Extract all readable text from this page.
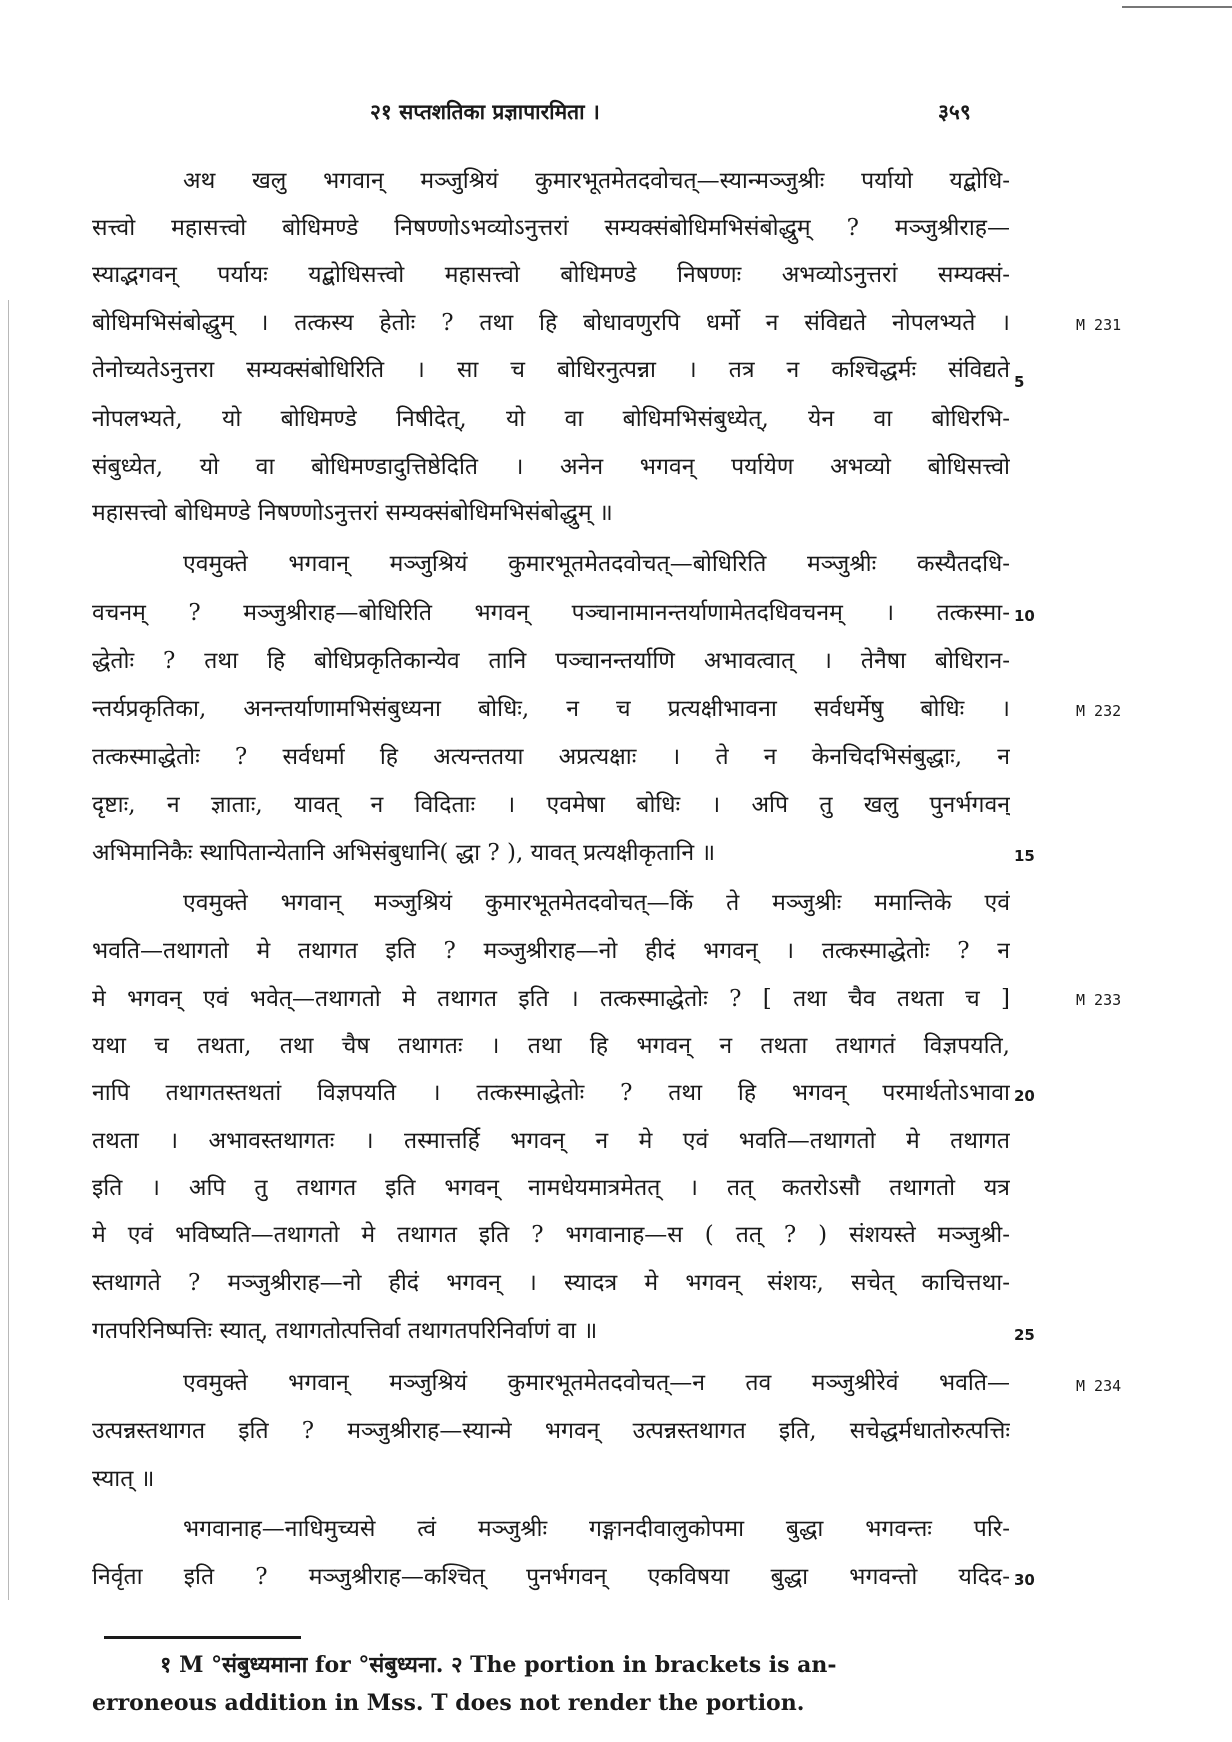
२१ सप्तशतिका प्रज्ञापारमिता ।	३५९
अथ खलु भगवान् मञ्जुश्रियं कुमारभूतमेतदवोचत्—स्यान्मञ्जुश्रीः पर्यायो यद्बोधि-
सत्त्वो महासत्त्वो बोधिमण्डे निषण्णोऽभव्योऽनुत्तरां सम्यक्संबोधिमभिसंबोद्धुम् ? मञ्जुश्रीराह—
स्याद्भगवन् पर्यायः यद्बोधिसत्त्वो महासत्त्वो बोधिमण्डे निषण्णः अभव्योऽनुत्तरां सम्यक्सं-
बोधिमभिसंबोद्धुम् । तत्कस्य हेतोः ? तथा हि बोधावणुरपि धर्मो न संविद्यते नोपलभ्यते ।
तेनोच्यतेऽनुत्तरा सम्यक्संबोधिरिति । सा च बोधिरनुत्पन्ना । तत्र न कश्चिद्धर्मः संविद्यते
नोपलभ्यते, यो बोधिमण्डे निषीदेत्, यो वा बोधिमभिसंबुध्येत्, येन वा बोधिरभि-
संबुध्येत, यो वा बोधिमण्डादुत्तिष्ठेदिति । अनेन भगवन् पर्यायेण अभव्यो बोधिसत्त्वो
महासत्त्वो बोधिमण्डे निषण्णोऽनुत्तरां सम्यक्संबोधिमभिसंबोद्धुम् ॥
एवमुक्ते भगवान् मञ्जुश्रियं कुमारभूतमेतदवोचत्—बोधिरिति मञ्जुश्रीः कस्यैतदधि-
वचनम् ? मञ्जुश्रीराह—बोधिरिति भगवन् पञ्चानामानन्तर्याणामेतदधिवचनम् । तत्कस्मा-
द्धेतोः ? तथा हि बोधिप्रकृतिकान्येव तानि पञ्चानन्तर्याणि अभावत्वात् । तेनैषा बोधिरान-
न्तर्यप्रकृतिका, अनन्तर्याणामभिसंबुध्यना बोधिः, न च प्रत्यक्षीभावना सर्वधर्मेषु बोधिः ।
तत्कस्माद्धेतोः ? सर्वधर्मा हि अत्यन्ततया अप्रत्यक्षाः । ते न केनचिदभिसंबुद्धाः, न
दृष्टाः, न ज्ञाताः, यावत् न विदिताः । एवमेषा बोधिः । अपि तु खलु पुनर्भगवन्
अभिमानिकैः स्थापितान्येतानि अभिसंबुधानि( द्धा ? ), यावत् प्रत्यक्षीकृतानि ॥
एवमुक्ते भगवान् मञ्जुश्रियं कुमारभूतमेतदवोचत्—किं ते मञ्जुश्रीः ममान्तिके एवं
भवति—तथागतो मे तथागत इति ? मञ्जुश्रीराह—नो हीदं भगवन् । तत्कस्माद्धेतोः ? न
मे भगवन् एवं भवेत्—तथागतो मे तथागत इति । तत्कस्माद्धेतोः ? [ तथा चैव तथता च ]
यथा च तथता, तथा चैष तथागतः । तथा हि भगवन् न तथता तथागतं विज्ञपयति,
नापि तथागतस्तथतां विज्ञपयति । तत्कस्माद्धेतोः ? तथा हि भगवन् परमार्थतोऽभावा
तथता । अभावस्तथागतः । तस्मात्तर्हि भगवन् न मे एवं भवति—तथागतो मे तथागत
इति । अपि तु तथागत इति भगवन् नामधेयमात्रमेतत् । तत् कतरोऽसौ तथागतो यत्र
मे एवं भविष्यति—तथागतो मे तथागत इति ? भगवानाह—स ( तत् ? ) संशयस्ते मञ्जुश्री-
स्तथागते ? मञ्जुश्रीराह—नो हीदं भगवन् । स्यादत्र मे भगवन् संशयः, सचेत् काचित्तथा-
गतपरिनिष्पत्तिः स्यात्, तथागतोत्पत्तिर्वा तथागतपरिनिर्वाणं वा ॥
एवमुक्ते भगवान् मञ्जुश्रियं कुमारभूतमेतदवोचत्—न तव मञ्जुश्रीरेवं भवति—
उत्पन्नस्तथागत इति ? मञ्जुश्रीराह—स्यान्मे भगवन् उत्पन्नस्तथागत इति, सचेद्धर्मधातोरुत्पत्तिः
स्यात् ॥
भगवानाह—नाधिमुच्यसे त्वं मञ्जुश्रीः गङ्गानदीवालुकोपमा बुद्धा भगवन्तः परि-
निर्वृता इति ? मञ्जुश्रीराह—कश्चित् पुनर्भगवन् एकविषया बुद्धा भगवन्तो यदिद-
5
10
15
20
25
30
M 231
M 232
M 233
M 234
१ M °संबुध्यमाना for °संबुध्यना. २ The portion in brackets is an-
erroneous addition in Mss. T does not render the portion.
